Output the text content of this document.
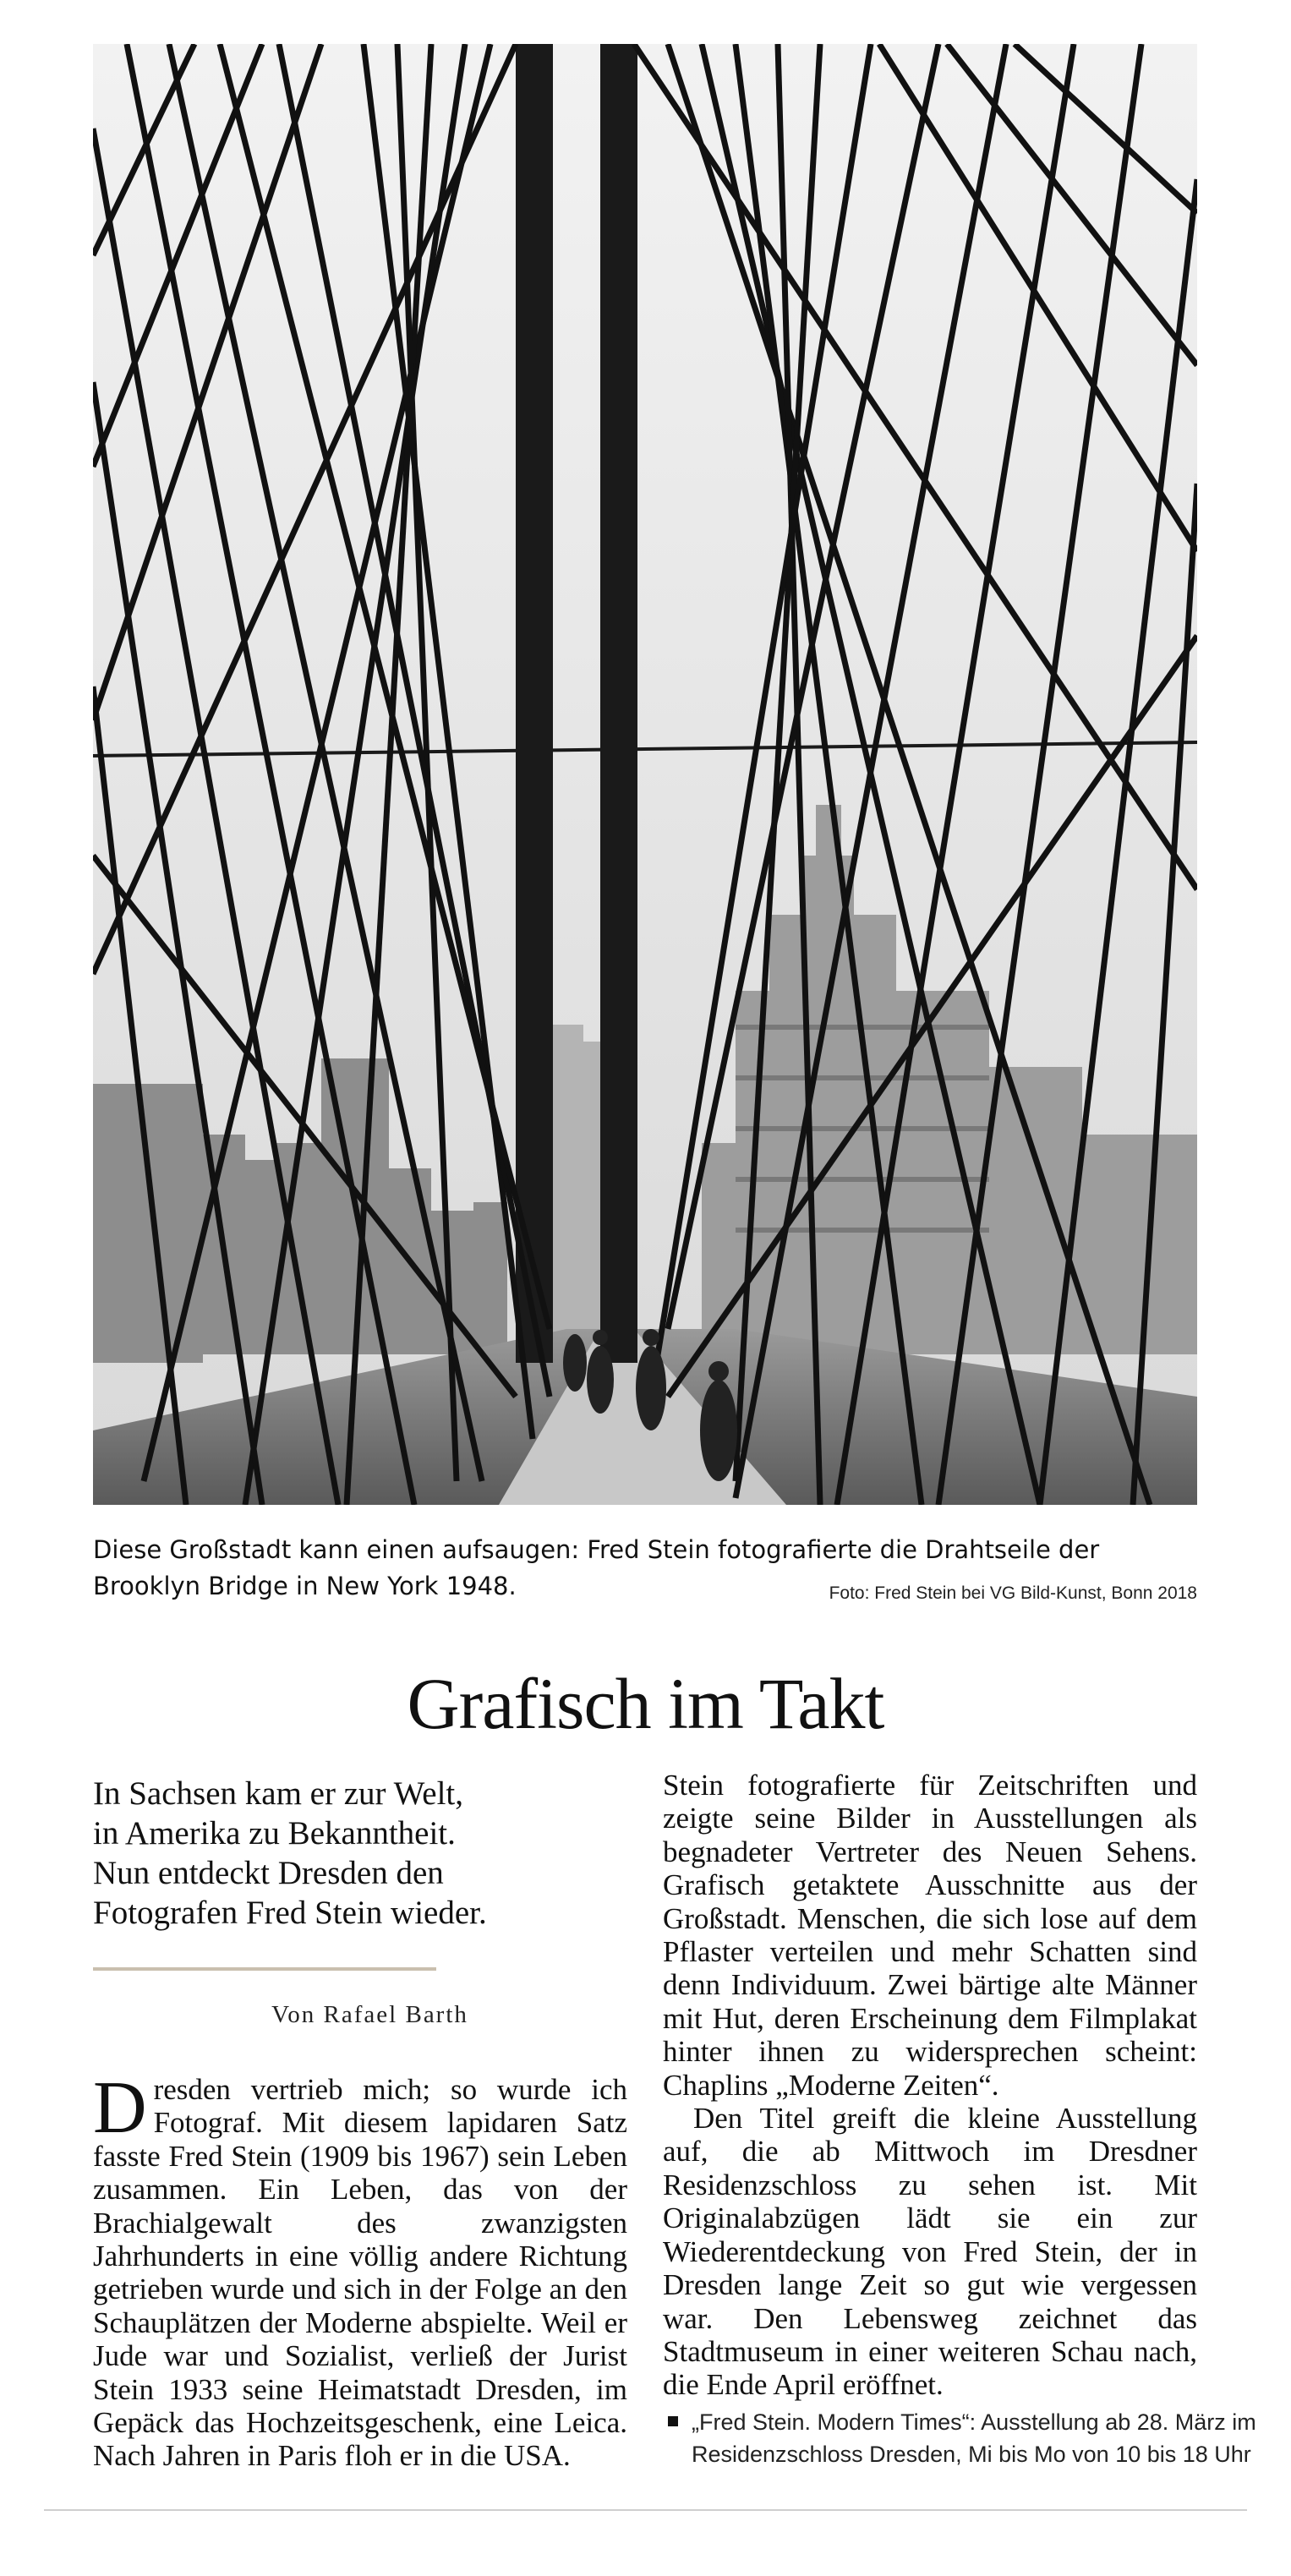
Diese Großstadt kann einen aufsaugen: Fred Stein fotografierte die Drahtseile der Brooklyn Bridge in New York 1948.	Foto: Fred Stein bei VG Bild-Kunst, Bonn 2018
Grafisch im Takt

In Sachsen kam er zur Welt,

in Amerika zu Bekanntheit.

Nun entdeckt Dresden den

Fotografen Fred Stein wieder.

Von Rafael Barth

Dresden vertrieb mich; so wurde ich Fotograf. Mit diesem lapidaren Satz fasste Fred Stein (1909 bis 1967) sein Leben zusammen. Ein Leben, das von der Brachialgewalt des zwanzigsten Jahrhunderts in eine völlig andere Richtung getrieben wurde und sich in der Folge an den Schauplätzen der Moderne abspielte. Weil er Jude war und Sozialist, verließ der Jurist Stein 1933 seine Heimatstadt Dresden, im Gepäck das Hochzeitsgeschenk, eine Leica. Nach Jahren in Paris floh er in die USA.

Stein fotografierte für Zeitschriften und zeigte seine Bilder in Ausstellungen als begnadeter Vertreter des Neuen Sehens. Grafisch getaktete Ausschnitte aus der Großstadt. Menschen, die sich lose auf dem Pflaster verteilen und mehr Schatten sind denn Individuum. Zwei bärtige alte Männer mit Hut, deren Erscheinung dem Filmplakat hinter ihnen zu widersprechen scheint: Chaplins „Moderne Zeiten“.

Den Titel greift die kleine Ausstellung auf, die ab Mittwoch im Dresdner Residenzschloss zu sehen ist. Mit Originalabzügen lädt sie ein zur Wiederentdeckung von Fred Stein, der in Dresden lange Zeit so gut wie vergessen war. Den Lebensweg zeichnet das Stadtmuseum in einer weiteren Schau nach, die Ende April eröffnet.

„Fred Stein. Modern Times“: Ausstellung ab 28. März im
Residenzschloss Dresden, Mi bis Mo von 10 bis 18 Uhr
